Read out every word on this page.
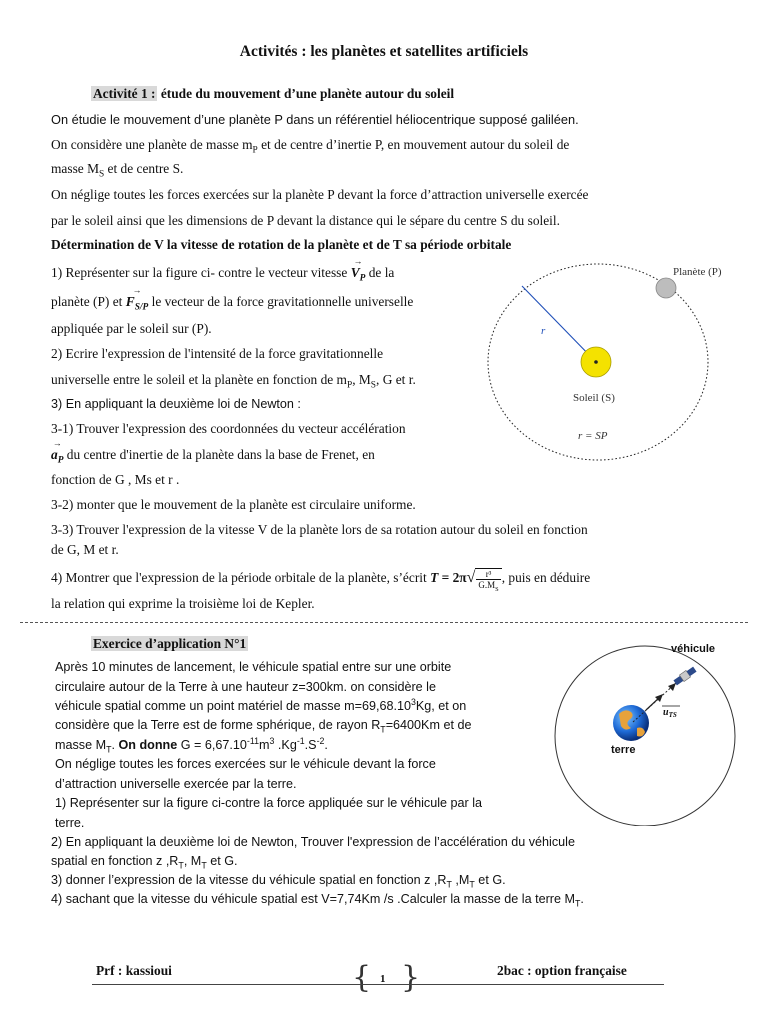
Activités : les planètes et satellites artificiels
Activité 1 : étude du mouvement d’une planète autour du soleil
On étudie le mouvement d’une planète P dans un référentiel héliocentrique supposé galiléen.
On considère une planète de masse $m_P$ et de centre d’inertie P, en mouvement autour du soleil de
masse $M_S$ et de centre S.
On néglige toutes les forces exercées sur la planète P devant la force d’attraction universelle exercée
par le soleil ainsi que les dimensions de P devant la distance qui le sépare du centre S du soleil.
Détermination de V la vitesse de rotation de la planète et de T sa période orbitale
1) Représenter sur la figure ci- contre le vecteur vitesse → $V_P$ de la
planète (P) et → $F_{S/P}$ le vecteur de la force gravitationnelle universelle
appliquée par le soleil sur (P).
2) Ecrire l'expression de l'intensité de la force gravitationnelle
universelle entre le soleil et la planète en fonction de $m_P$, $M_S$, G et r.
3) En appliquant la deuxième loi de Newton :
3-1) Trouver l'expression des coordonnées du vecteur accélération
→ $a_P$ du centre d'inertie de la planète dans la base de Frenet, en
fonction de G , Ms et r .
3-2) monter que le mouvement de la planète est circulaire uniforme.
3-3) Trouver l'expression de la vitesse V de la planète lors de sa rotation autour du soleil en fonction
de G, M et r.
4) Montrer que l'expression de la période orbitale de la planète, s’écrit $T = 2\pi√ \frac{\text{r³}}{G.M_S}$ , puis en déduire
la relation qui exprime la troisième loi de Kepler.
Planète (P)
r
Soleil (S)
r = SP
Exercice d’application N°1
Après 10 minutes de lancement, le véhicule spatial entre sur une orbite
circulaire autour de la Terre à une hauteur z=300km. on considère le
véhicule spatial comme un point matériel de masse $m=69,68.10^3Kg$, et on
considère que la Terre est de forme sphérique, de rayon $R_T=6400Km$ et de
masse $M_T$. On donne $G = 6,67.10^{-11}m^3$ $.Kg^{-1}.S^{-2}$.
On néglige toutes les forces exercées sur le véhicule devant la force
d’attraction universelle exercée par la terre.
1) Représenter sur la figure ci-contre la force appliquée sur le véhicule par la
terre.
2) En appliquant la deuxième loi de Newton, Trouver l'expression de l’accélération du véhicule
spatial en fonction z $,R_T$, $M_T$ et G.
3) donner l’expression de la vitesse du véhicule spatial en fonction z $,R_T$ $,M_T$ et G.
4) sachant que la vitesse du véhicule spatial est V=7,74Km /s .Calculer la masse de la terre $M_T$.
véhicule
terre
$u_{TS}$
Prf : kassioui	{ 1 }	2bac : option française
